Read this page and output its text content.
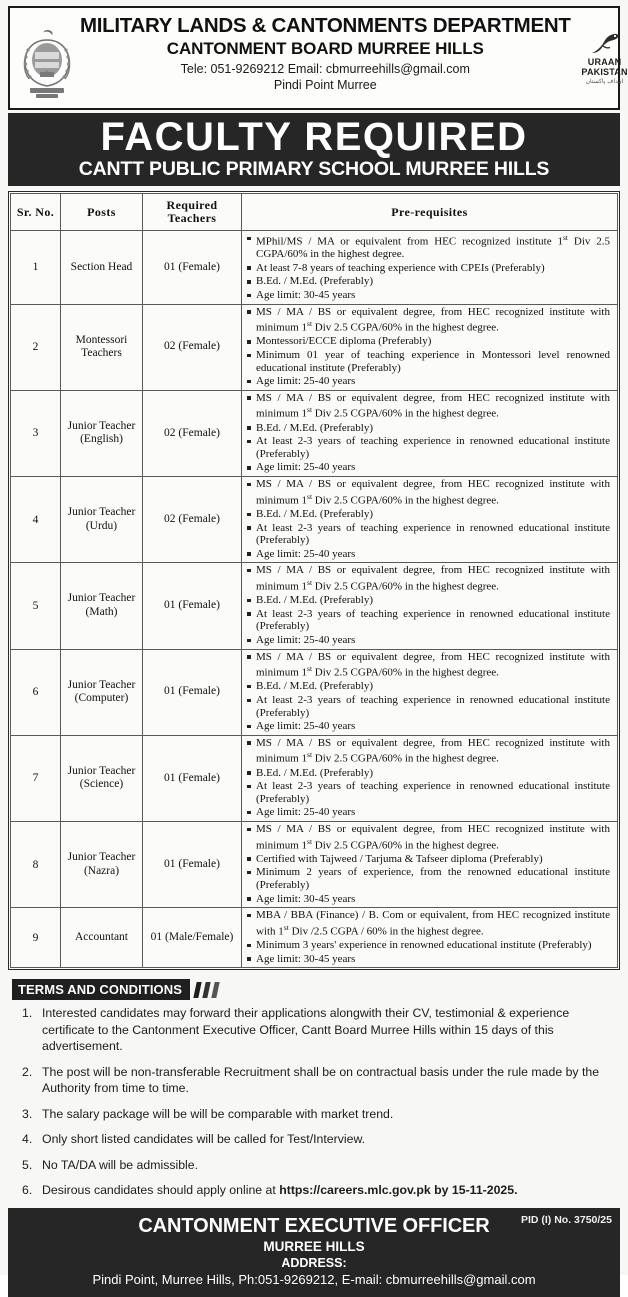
MILITARY LANDS & CANTONMENTS DEPARTMENT
CANTONMENT BOARD MURREE HILLS
Tele: 051-9269212 Email: cbmurreehills@gmail.com
Pindi Point Murree
URAAN
PAKISTAN
اہداف پاکستان
FACULTY REQUIRED
CANTT PUBLIC PRIMARY SCHOOL MURREE HILLS
Sr. No.	Posts	Required Teachers	Pre-requisites
1	Section Head	01 (Female)	
MPhil/MS / MA or equivalent from HEC recognized institute 1st Div 2.5 CGPA/60% in the highest degree.
At least 7-8 years of teaching experience with CPEIs (Preferably)
B.Ed. / M.Ed. (Preferably)
Age limit: 30-45 years

2	Montessori Teachers	02 (Female)	
MS / MA / BS or equivalent degree, from HEC recognized institute with minimum 1st Div 2.5 CGPA/60% in the highest degree.
Montessori/ECCE diploma (Preferably)
Minimum 01 year of teaching experience in Montessori level renowned educational institute (Preferably)
Age limit: 25-40 years

3	Junior Teacher (English)	02 (Female)	
MS / MA / BS or equivalent degree, from HEC recognized institute with minimum 1st Div 2.5 CGPA/60% in the highest degree.
B.Ed. / M.Ed. (Preferably)
At least 2-3 years of teaching experience in renowned educational institute (Preferably)
Age limit: 25-40 years

4	Junior Teacher (Urdu)	02 (Female)	
MS / MA / BS or equivalent degree, from HEC recognized institute with minimum 1st Div 2.5 CGPA/60% in the highest degree.
B.Ed. / M.Ed. (Preferably)
At least 2-3 years of teaching experience in renowned educational institute (Preferably)
Age limit: 25-40 years

5	Junior Teacher (Math)	01 (Female)	
MS / MA / BS or equivalent degree, from HEC recognized institute with minimum 1st Div 2.5 CGPA/60% in the highest degree.
B.Ed. / M.Ed. (Preferably)
At least 2-3 years of teaching experience in renowned educational institute (Preferably)
Age limit: 25-40 years

6	Junior Teacher (Computer)	01 (Female)	
MS / MA / BS or equivalent degree, from HEC recognized institute with minimum 1st Div 2.5 CGPA/60% in the highest degree.
B.Ed. / M.Ed. (Preferably)
At least 2-3 years of teaching experience in renowned educational institute (Preferably)
Age limit: 25-40 years

7	Junior Teacher (Science)	01 (Female)	
MS / MA / BS or equivalent degree, from HEC recognized institute with minimum 1st Div 2.5 CGPA/60% in the highest degree.
B.Ed. / M.Ed. (Preferably)
At least 2-3 years of teaching experience in renowned educational institute (Preferably)
Age limit: 25-40 years

8	Junior Teacher (Nazra)	01 (Female)	
MS / MA / BS or equivalent degree, from HEC recognized institute with minimum 1st Div 2.5 CGPA/60% in the highest degree.
Certified with Tajweed / Tarjuma & Tafseer diploma (Preferably)
Minimum 2 years of experience, from the renowned educational institute (Preferably)
Age limit: 30-45 years

9	Accountant	01 (Male/Female)	
MBA / BBA (Finance) / B. Com or equivalent, from HEC recognized institute with 1st Div /2.5 CGPA / 60% in the highest degree.
Minimum 3 years' experience in renowned educational institute (Preferably)
Age limit: 30-45 years
TERMS AND CONDITIONS
Interested candidates may forward their applications alongwith their CV, testimonial & experience certificate to the Cantonment Executive Officer, Cantt Board Murree Hills within 15 days of this advertisement.
The post will be non-transferable Recruitment shall be on contractual basis under the rule made by the Authority from time to time.
The salary package will be will be comparable with market trend.
Only short listed candidates will be called for Test/Interview.
No TA/DA will be admissible.
Desirous candidates should apply online at https://careers.mlc.gov.pk by 15-11-2025.
PID (I) No. 3750/25
CANTONMENT EXECUTIVE OFFICER
MURREE HILLS
ADDRESS:
Pindi Point, Murree Hills, Ph:051-9269212, E-mail: cbmurreehills@gmail.com
